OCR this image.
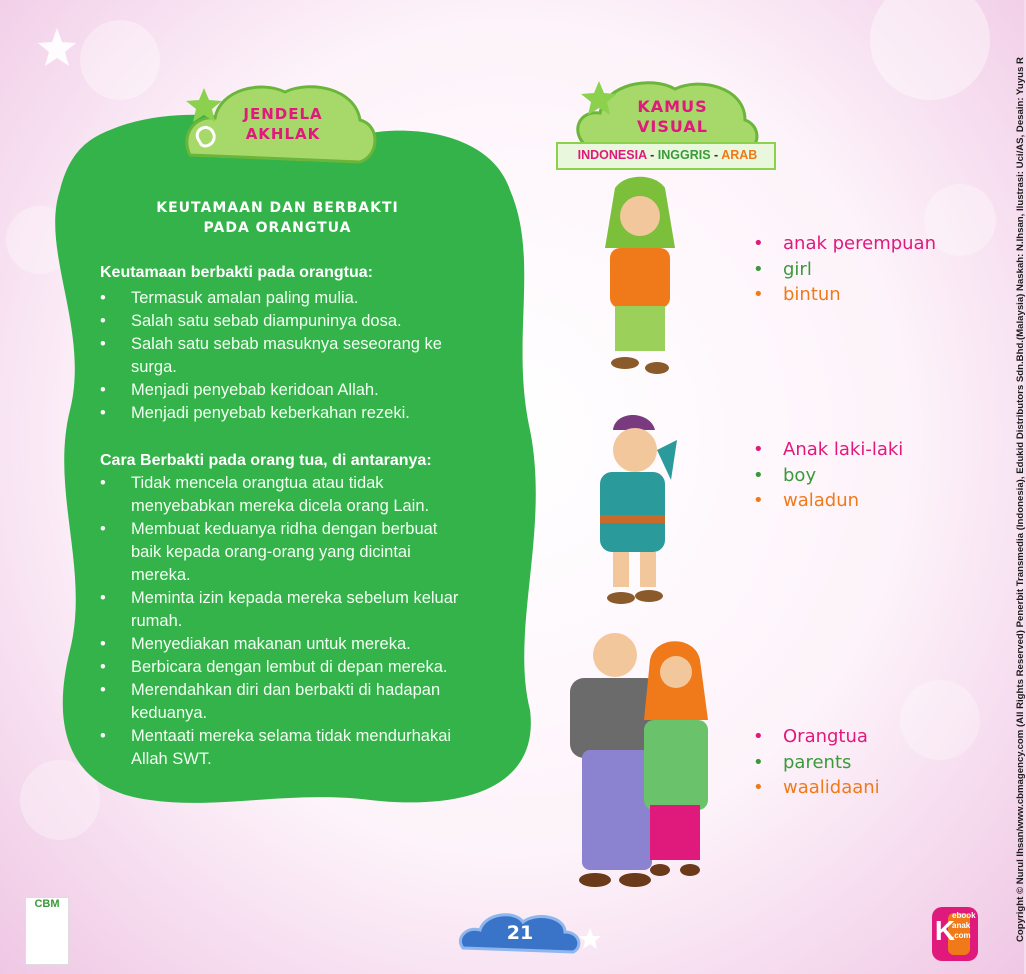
JENDELA
AKHLAK
KEUTAMAAN DAN BERBAKTI
PADA ORANGTUA
Keutamaan berbakti pada orangtua:
• Termasuk amalan paling mulia.
• Salah satu sebab diampuninya dosa.
• Salah satu sebab masuknya seseorang ke surga.
• Menjadi penyebab keridoan Allah.
• Menjadi penyebab keberkahan rezeki.
Cara Berbakti pada orang tua, di antaranya:
• Tidak mencela orangtua atau tidak menyebabkan mereka dicela orang Lain.
• Membuat keduanya ridha dengan berbuat baik kepada orang-orang yang dicintai mereka.
• Meminta izin kepada mereka sebelum keluar rumah.
• Menyediakan makanan untuk mereka.
• Berbicara dengan lembut di depan mereka.
• Merendahkan diri dan berbakti di hadapan keduanya.
• Mentaati mereka selama tidak mendurhakai Allah SWT.
KAMUS
VISUAL
INDONESIA - INGGRIS - ARAB
• anak perempuan
• girl
• bintun
• Anak laki-laki
• boy
• waladun
• Orangtua
• parents
• waalidaani
21
CBM
K
ebook
anak
.com	Copyright © Nurul Ihsan/www.cbmagency.com (All Rights Reserved) Penerbit Transmedia (Indonesia), Edukid Distributors Sdn.Bhd.(Malaysia) Naskah: N.Ihsan, Ilustrasi: Uci/AS, Desain: Yuyus R
